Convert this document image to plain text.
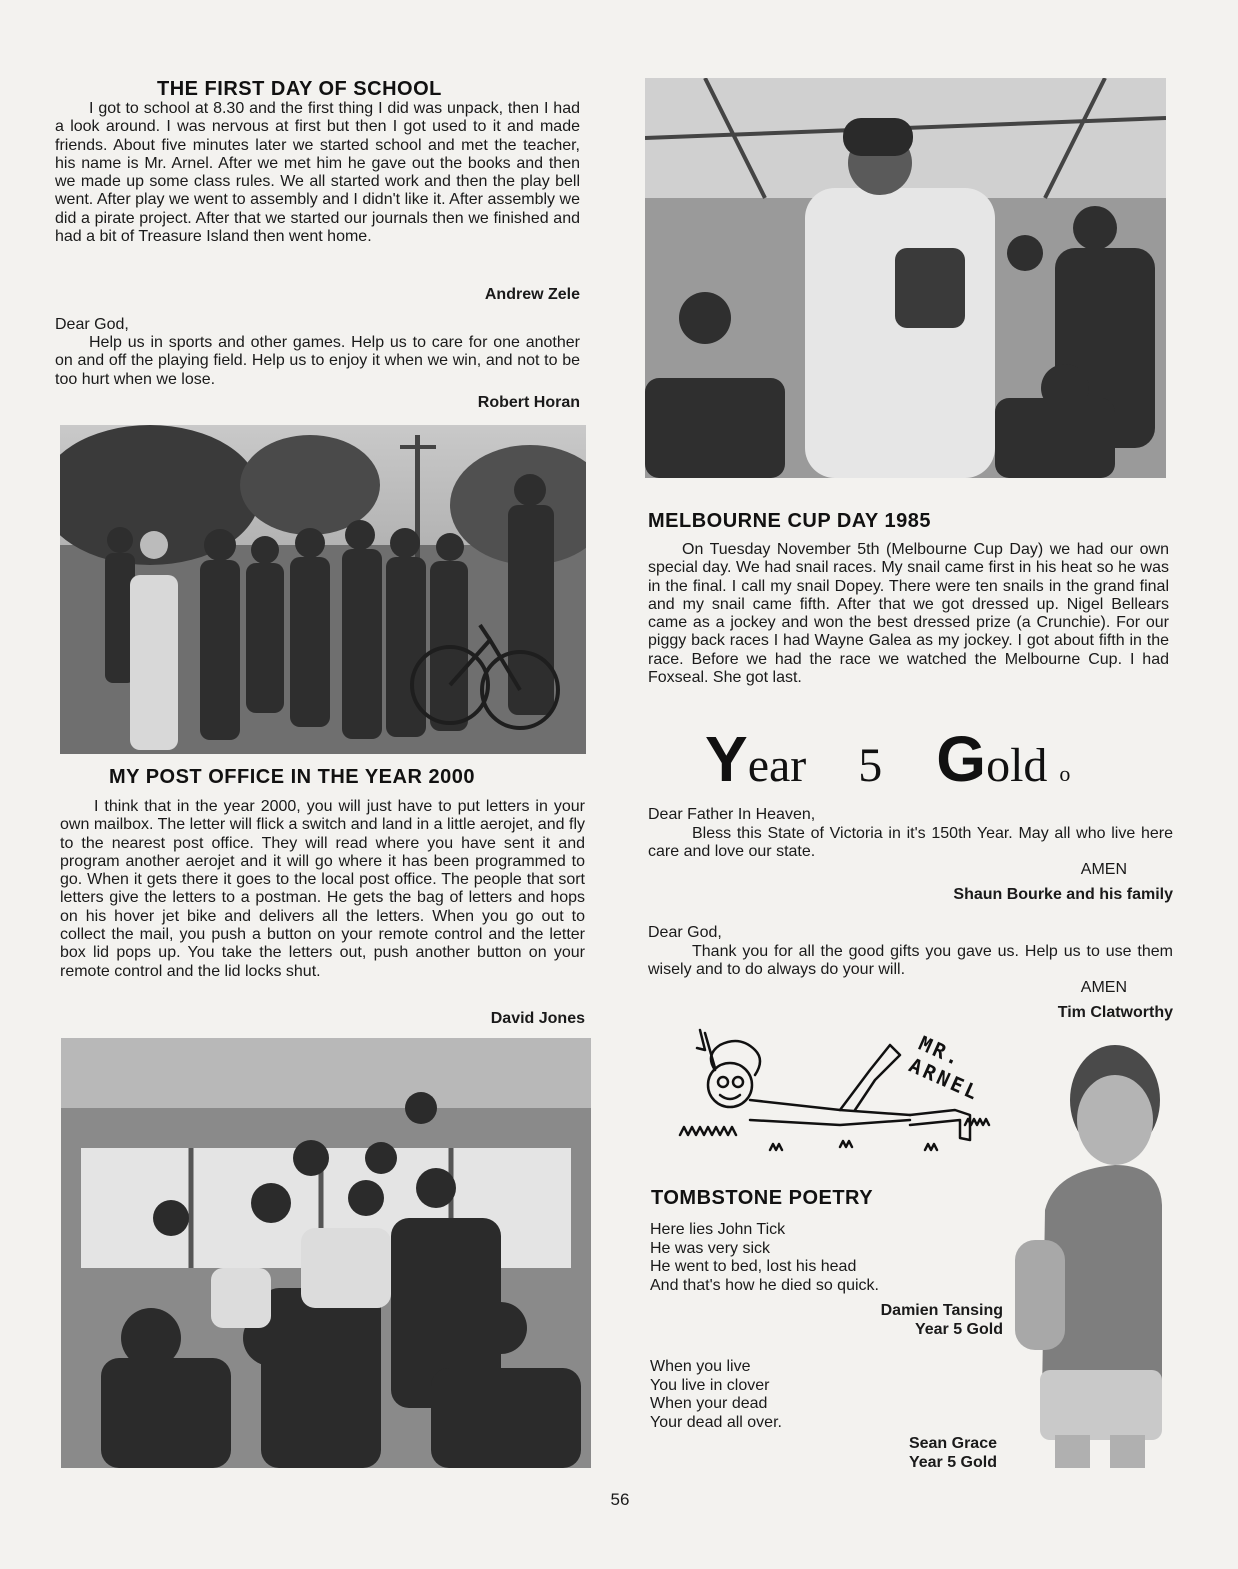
THE FIRST DAY OF SCHOOL

I got to school at 8.30 and the first thing I did was unpack, then I had a look around. I was nervous at first but then I got used to it and made friends. About five minutes later we started school and met the teacher, his name is Mr. Arnel. After we met him he gave out the books and then we made up some class rules. We all started work and then the play bell went. After play we went to assembly and I didn't like it. After assembly we did a pirate project. After that we started our journals then we finished and had a bit of Treasure Island then went home.

Andrew Zele
Dear God,

Help us in sports and other games. Help us to care for one another on and off the playing field. Help us to enjoy it when we win, and not to be too hurt when we lose.

Robert Horan
MY POST OFFICE IN THE YEAR 2000

I think that in the year 2000, you will just have to put letters in your own mailbox. The letter will flick a switch and land in a little aerojet, and fly to the nearest post office. They will read where you have sent it and program another aerojet and it will go where it has been programmed to go. When it gets there it goes to the local post office. The people that sort letters give the letters to a postman. He gets the bag of letters and hops on his hover jet bike and delivers all the letters. When you go out to collect the mail, you push a button on your remote control and the letter box lid pops up. You take the letters out, push another button on your remote control and the lid locks shut.

David Jones
MELBOURNE CUP DAY 1985

On Tuesday November 5th (Melbourne Cup Day) we had our own special day. We had snail races. My snail came first in his heat so he was in the final. I call my snail Dopey. There were ten snails in the grand final and my snail came fifth. After that we got dressed up. Nigel Bellears came as a jockey and won the best dressed prize (a Crunchie). For our piggy back races I had Wayne Galea as my jockey. I got about fifth in the race. Before we had the race we watched the Melbourne Cup. I had Foxseal. She got last.

Year 5 Gold o
Dear Father In Heaven,

Bless this State of Victoria in it's 150th Year. May all who live here care and love our state.

AMEN
Shaun Bourke and his family
Dear God,

Thank you for all the good gifts you gave us. Help us to use them wisely and to do always do your will.

AMEN
Tim Clatworthy
MR. ARNEL
TOMBSTONE POETRY
Here lies John Tick
He was very sick
He went to bed, lost his head
And that's how he died so quick.
Damien Tansing
Year 5 Gold
When you live
You live in clover
When your dead
Your dead all over.
Sean Grace
Year 5 Gold
56
